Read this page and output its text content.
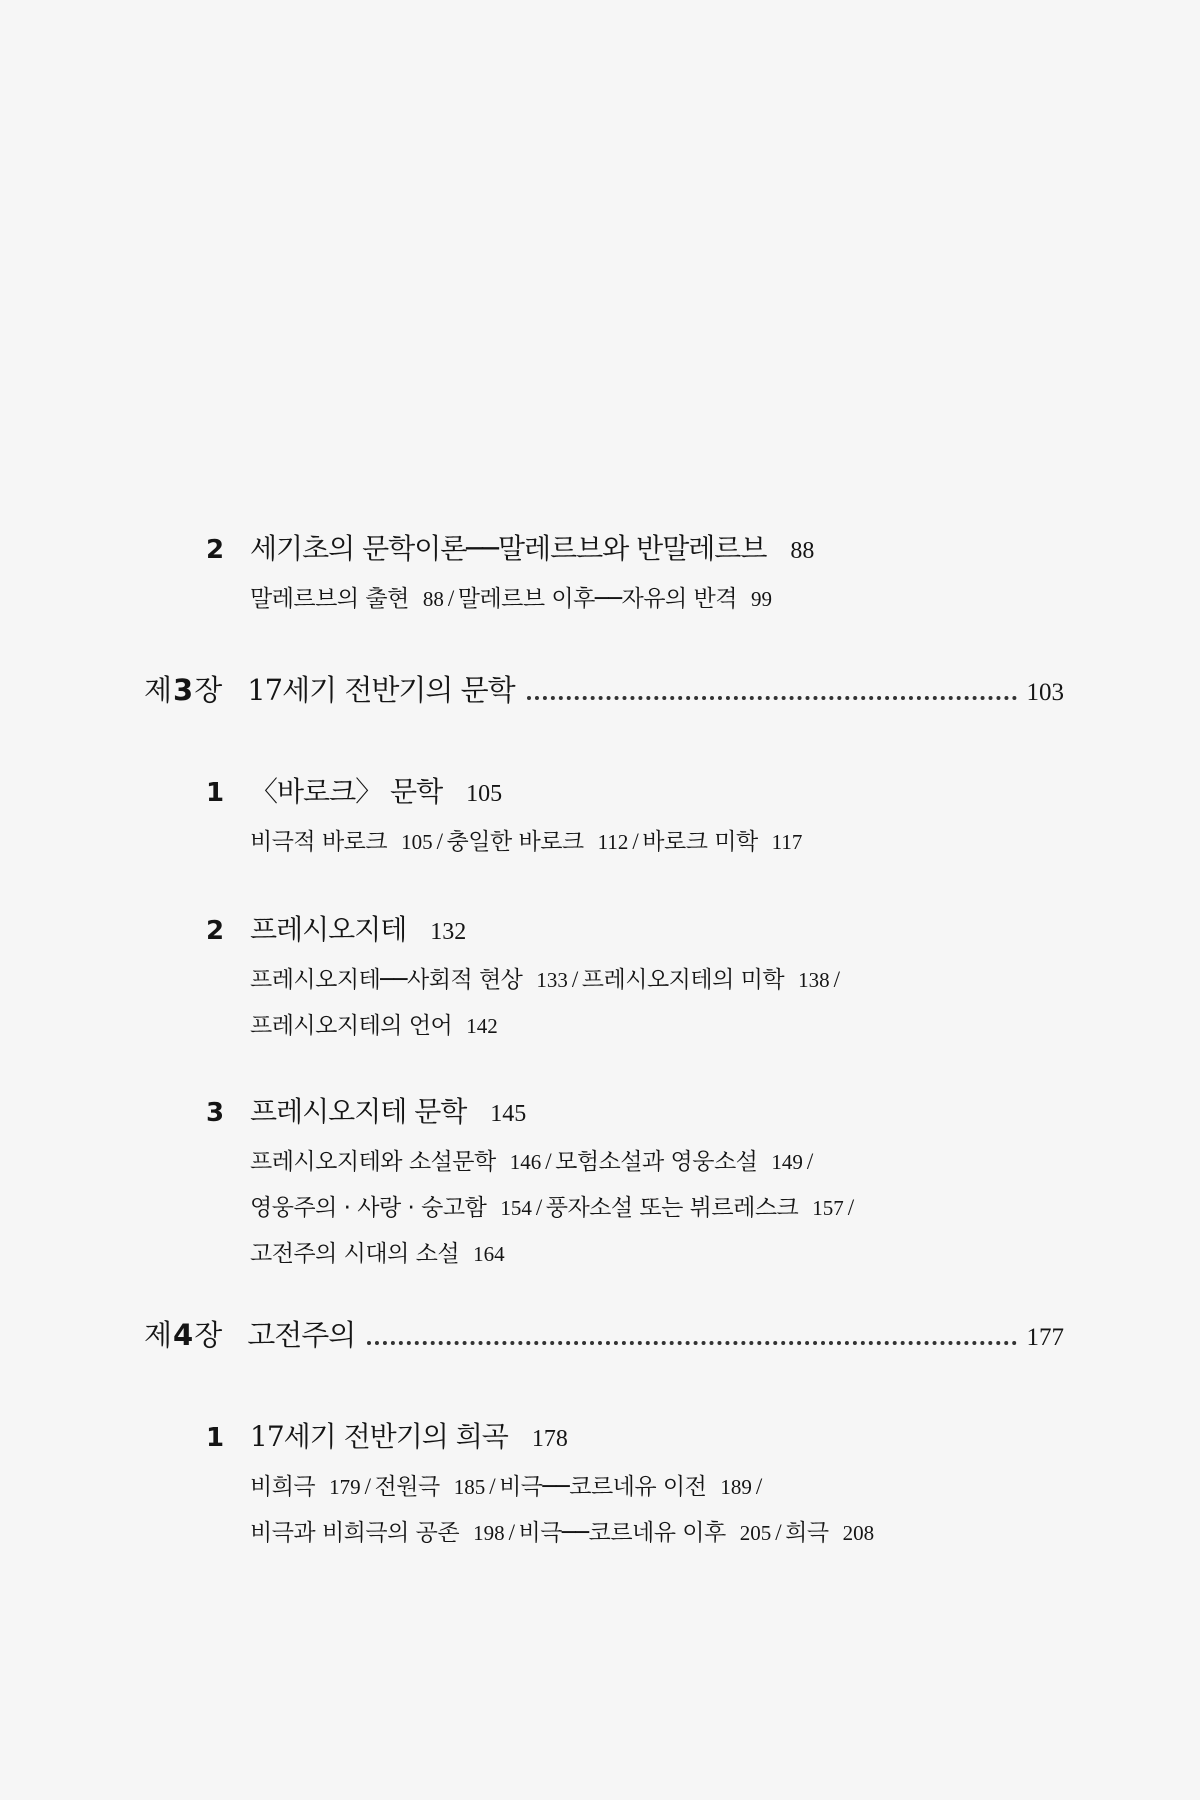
2 세기초의 문학이론──말레르브와 반말레르브 88
말레르브의 출현 88 / 말레르브 이후──자유의 반격 99
제3장 17세기 전반기의 문학	103
1 〈바로크〉 문학 105
비극적 바로크 105 / 충일한 바로크 112 / 바로크 미학 117
2 프레시오지테 132
프레시오지테──사회적 현상 133 / 프레시오지테의 미학 138 /
프레시오지테의 언어 142
3 프레시오지테 문학 145
프레시오지테와 소설문학 146 / 모험소설과 영웅소설 149 /
영웅주의 · 사랑 · 숭고함 154 / 풍자소설 또는 뷔르레스크 157 /
고전주의 시대의 소설 164
제4장 고전주의	177
1 17세기 전반기의 희곡 178
비희극 179 / 전원극 185 / 비극──코르네유 이전 189 /
비극과 비희극의 공존 198 / 비극──코르네유 이후 205 / 희극 208
